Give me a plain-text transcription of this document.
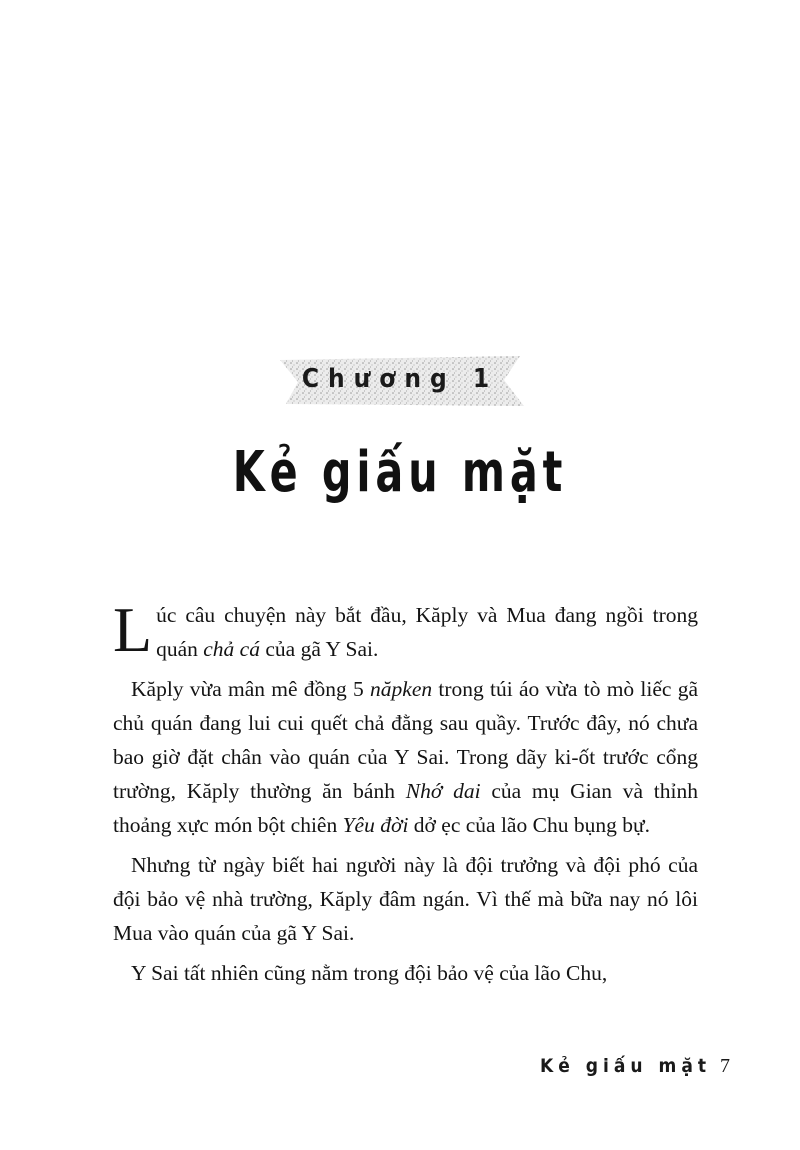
Chương 1
Kẻ giấu mặt

Lúc câu chuyện này bắt đầu, Kăply và Mua đang ngồi trong quán chả cá của gã Y Sai.

Kăply vừa mân mê đồng 5 năpken trong túi áo vừa tò mò liếc gã chủ quán đang lui cui quết chả đằng sau quầy. Trước đây, nó chưa bao giờ đặt chân vào quán của Y Sai. Trong dãy ki-ốt trước cổng trường, Kăply thường ăn bánh Nhớ dai của mụ Gian và thỉnh thoảng xực món bột chiên Yêu đời dở ẹc của lão Chu bụng bự.

Nhưng từ ngày biết hai người này là đội trưởng và đội phó của đội bảo vệ nhà trường, Kăply đâm ngán. Vì thế mà bữa nay nó lôi Mua vào quán của gã Y Sai.

Y Sai tất nhiên cũng nằm trong đội bảo vệ của lão Chu,

Kẻ giấu mặt 7
